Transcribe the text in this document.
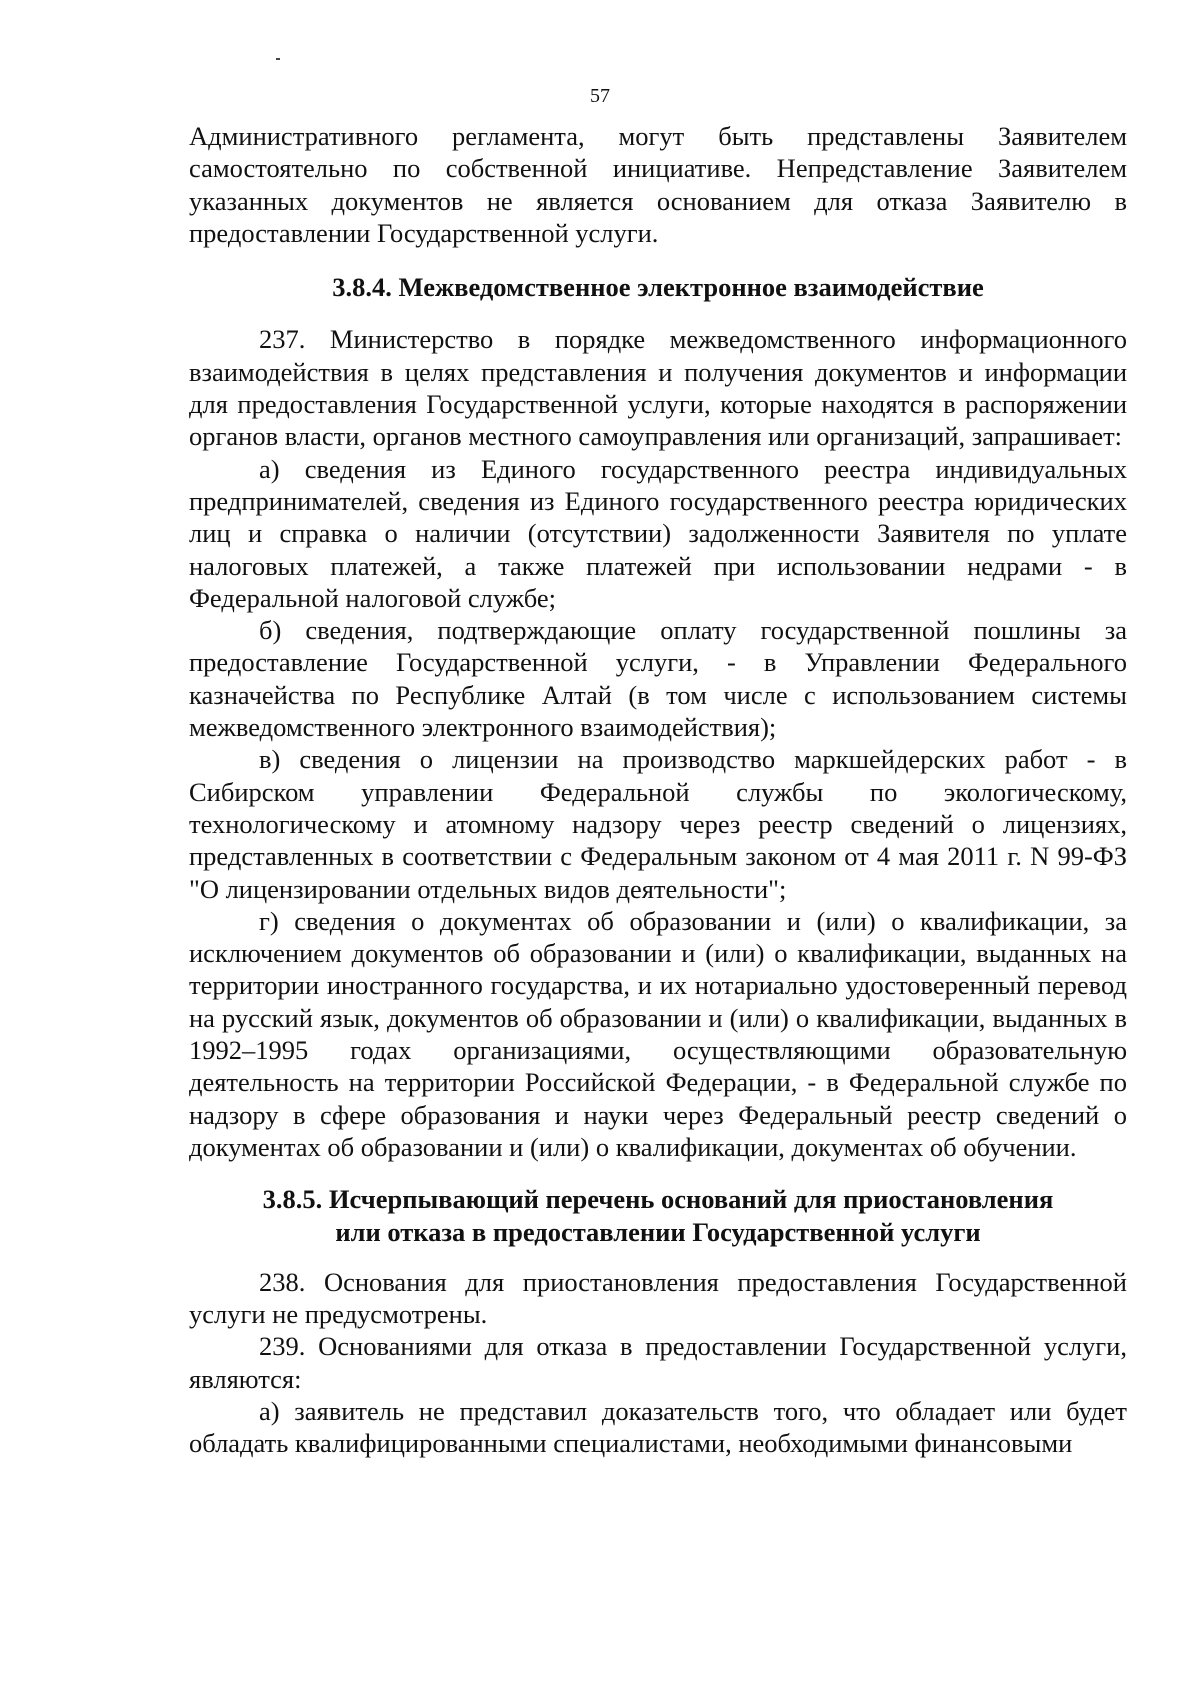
57

Административного регламента, могут быть представлены Заявителем самостоятельно по собственной инициативе. Непредставление Заявителем указанных документов не является основанием для отказа Заявителю в предоставлении Государственной услуги.

3.8.4. Межведомственное электронное взаимодействие

237. Министерство в порядке межведомственного информационного взаимодействия в целях представления и получения документов и информации для предоставления Государственной услуги, которые находятся в распоряжении органов власти, органов местного самоуправления или организаций, запрашивает:

а) сведения из Единого государственного реестра индивидуальных предпринимателей, сведения из Единого государственного реестра юридических лиц и справка о наличии (отсутствии) задолженности Заявителя по уплате налоговых платежей, а также платежей при использовании недрами - в Федеральной налоговой службе;

б) сведения, подтверждающие оплату государственной пошлины за предоставление Государственной услуги, - в Управлении Федерального казначейства по Республике Алтай (в том числе с использованием системы межведомственного электронного взаимодействия);

в) сведения о лицензии на производство маркшейдерских работ - в Сибирском управлении Федеральной службы по экологическому, технологическому и атомному надзору через реестр сведений о лицензиях, представленных в соответствии с Федеральным законом от 4 мая 2011 г. N 99-ФЗ "О лицензировании отдельных видов деятельности";

г) сведения о документах об образовании и (или) о квалификации, за исключением документов об образовании и (или) о квалификации, выданных на территории иностранного государства, и их нотариально удостоверенный перевод на русский язык, документов об образовании и (или) о квалификации, выданных в 1992–1995 годах организациями, осуществляющими образовательную деятельность на территории Российской Федерации, - в Федеральной службе по надзору в сфере образования и науки через Федеральный реестр сведений о документах об образовании и (или) о квалификации, документах об обучении.

3.8.5. Исчерпывающий перечень оснований для приостановления
или отказа в предоставлении Государственной услуги

238. Основания для приостановления предоставления Государственной услуги не предусмотрены.

239. Основаниями для отказа в предоставлении Государственной услуги, являются:

а) заявитель не представил доказательств того, что обладает или будет обладать квалифицированными специалистами, необходимыми финансовыми
